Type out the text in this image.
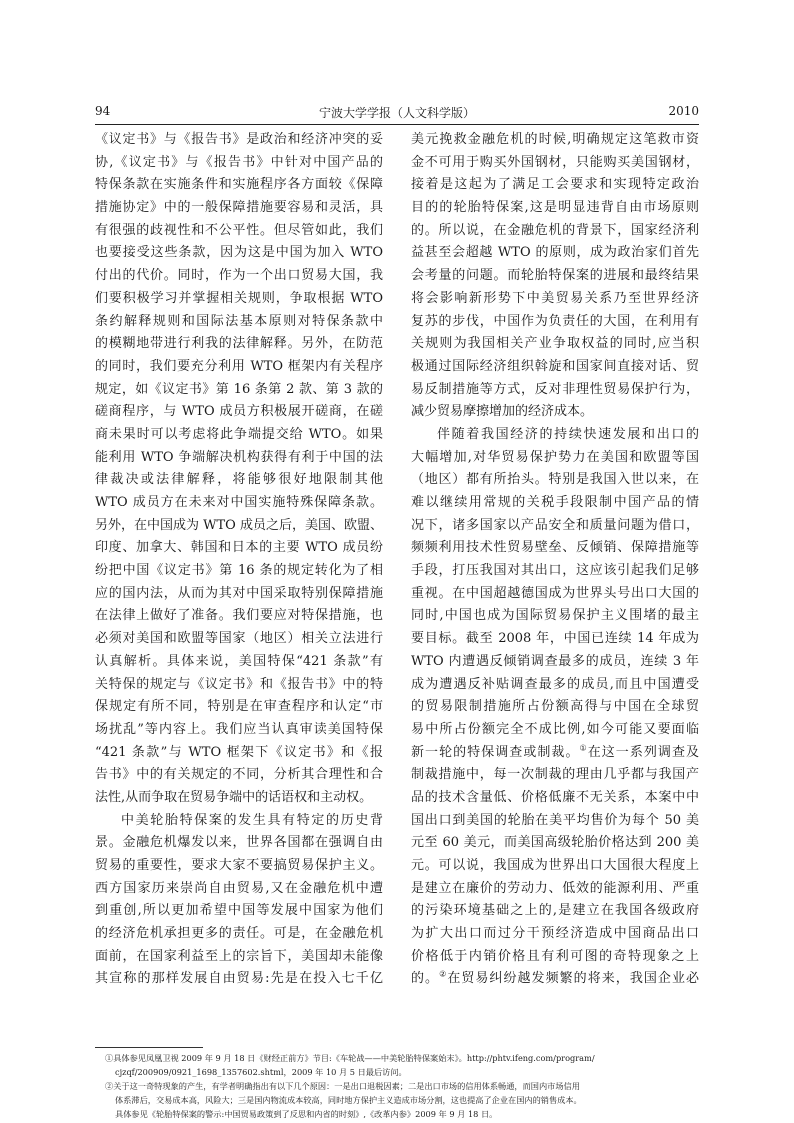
94	宁波大学学报（人文科学版）	2010
《议定书》与《报告书》是政治和经济冲突的妥
协,《议定书》与《报告书》中针对中国产品的
特保条款在实施条件和实施程序各方面较《保障
措施协定》中的一般保障措施要容易和灵活，具
有很强的歧视性和不公平性。但尽管如此，我们
也要接受这些条款，因为这是中国为加入 WTO
付出的代价。同时，作为一个出口贸易大国，我
们要积极学习并掌握相关规则，争取根据 WTO
条约解释规则和国际法基本原则对特保条款中
的模糊地带进行利我的法律解释。另外，在防范
的同时，我们要充分利用 WTO 框架内有关程序
规定，如《议定书》第 16 条第 2 款、第 3 款的
磋商程序，与 WTO 成员方积极展开磋商，在磋
商未果时可以考虑将此争端提交给 WTO。如果
能利用 WTO 争端解决机构获得有利于中国的法
律裁决或法律解释，将能够很好地限制其他
WTO 成员方在未来对中国实施特殊保障条款。
另外，在中国成为 WTO 成员之后，美国、欧盟、
印度、加拿大、韩国和日本的主要 WTO 成员纷
纷把中国《议定书》第 16 条的规定转化为了相
应的国内法，从而为其对中国采取特别保障措施
在法律上做好了准备。我们要应对特保措施，也
必须对美国和欧盟等国家（地区）相关立法进行
认真解析。具体来说，美国特保“421 条款”有
关特保的规定与《议定书》和《报告书》中的特
保规定有所不同，特别是在审查程序和认定“市
场扰乱”等内容上。我们应当认真审读美国特保
“421 条款”与 WTO 框架下《议定书》和《报
告书》中的有关规定的不同，分析其合理性和合
法性,从而争取在贸易争端中的话语权和主动权。
中美轮胎特保案的发生具有特定的历史背
景。金融危机爆发以来，世界各国都在强调自由
贸易的重要性，要求大家不要搞贸易保护主义。
西方国家历来崇尚自由贸易,又在金融危机中遭
到重创,所以更加希望中国等发展中国家为他们
的经济危机承担更多的责任。可是，在金融危机
面前，在国家利益至上的宗旨下，美国却未能像
其宣称的那样发展自由贸易:先是在投入七千亿
美元挽救金融危机的时候,明确规定这笔救市资
金不可用于购买外国钢材，只能购买美国钢材，
接着是这起为了满足工会要求和实现特定政治
目的的轮胎特保案,这是明显违背自由市场原则
的。所以说，在金融危机的背景下，国家经济利
益甚至会超越 WTO 的原则，成为政治家们首先
会考量的问题。而轮胎特保案的进展和最终结果
将会影响新形势下中美贸易关系乃至世界经济
复苏的步伐，中国作为负责任的大国，在利用有
关规则为我国相关产业争取权益的同时,应当积
极通过国际经济组织斡旋和国家间直接对话、贸
易反制措施等方式，反对非理性贸易保护行为，
减少贸易摩擦增加的经济成本。
伴随着我国经济的持续快速发展和出口的
大幅增加,对华贸易保护势力在美国和欧盟等国
（地区）都有所抬头。特别是我国入世以来，在
难以继续用常规的关税手段限制中国产品的情
况下，诸多国家以产品安全和质量问题为借口，
频频利用技术性贸易壁垒、反倾销、保障措施等
手段，打压我国对其出口，这应该引起我们足够
重视。在中国超越德国成为世界头号出口大国的
同时,中国也成为国际贸易保护主义围堵的最主
要目标。截至 2008 年，中国已连续 14 年成为
WTO 内遭遇反倾销调查最多的成员，连续 3 年
成为遭遇反补贴调查最多的成员,而且中国遭受
的贸易限制措施所占份额高得与中国在全球贸
易中所占份额完全不成比例,如今可能又要面临
新一轮的特保调查或制裁。①在这一系列调查及
制裁措施中，每一次制裁的理由几乎都与我国产
品的技术含量低、价格低廉不无关系，本案中中
国出口到美国的轮胎在美平均售价为每个 50 美
元至 60 美元，而美国高级轮胎价格达到 200 美
元。可以说，我国成为世界出口大国很大程度上
是建立在廉价的劳动力、低效的能源利用、严重
的污染环境基础之上的,是建立在我国各级政府
为扩大出口而过分干预经济造成中国商品出口
价格低于内销价格且有利可图的奇特现象之上
的。②在贸易纠纷越发频繁的将来，我国企业必
①具体参见凤凰卫视 2009 年 9 月 18 日《财经正前方》节目:《车轮战——中美轮胎特保案始末》。http://phtv.ifeng.com/program/
cjzqf/200909/0921_1698_1357602.shtml，2009 年 10 月 5 日最后访问。
②关于这一奇特现象的产生，有学者明确指出有以下几个原因：一是出口退税因素；二是出口市场的信用体系畅通，而国内市场信用
体系滞后，交易成本高，风险大；三是国内物流成本较高，同时地方保护主义造成市场分割，这也提高了企业在国内的销售成本。
具体参见《轮胎特保案的警示:中国贸易政策到了反思和内省的时刻》,《改革内参》2009 年 9 月 18 日。
